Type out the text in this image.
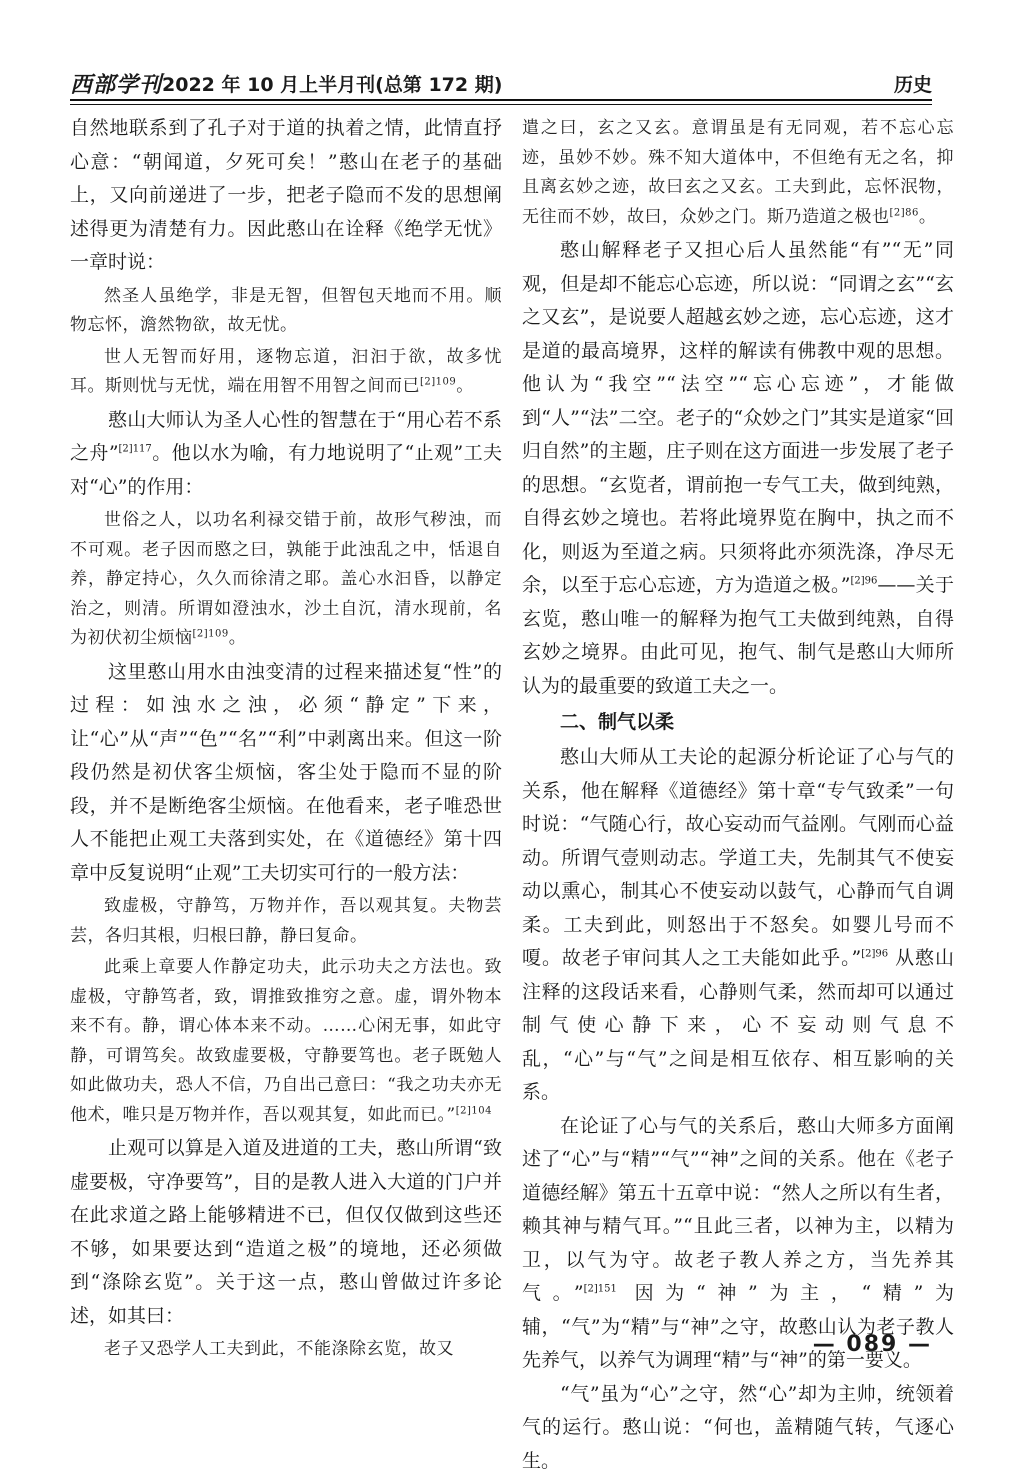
西部学刊 2022 年 10 月上半月刊(总第 172 期)	历史

自然地联系到了孔子对于道的执着之情，此情直抒心意：“朝闻道，夕死可矣！”憨山在老子的基础上，又向前递进了一步，把老子隐而不发的思想阐述得更为清楚有力。因此憨山在诠释《绝学无忧》一章时说：

然圣人虽绝学，非是无智，但智包天地而不用。顺物忘怀，澹然物欲，故无忧。

世人无智而好用，逐物忘道，汩汩于欲，故多忧耳。斯则忧与无忧，端在用智不用智之间而已$^{[2]109}$。

憨山大师认为圣人心性的智慧在于“用心若不系之舟”$^{[2]117}$。他以水为喻，有力地说明了“止观”工夫对“心”的作用：

世俗之人，以功名利禄交错于前，故形气秽浊，而不可观。老子因而愍之曰，孰能于此浊乱之中，恬退自养，静定持心，久久而徐清之耶。盖心水汩昏，以静定治之，则清。所谓如澄浊水，沙土自沉，清水现前，名为初伏初尘烦恼$^{[2]109}$。

这里憨山用水由浊变清的过程来描述复“性”的过程：如浊水之浊，必须“静定”下来，让“心”从“声”“色”“名”“利”中剥离出来。但这一阶段仍然是初伏客尘烦恼，客尘处于隐而不显的阶段，并不是断绝客尘烦恼。在他看来，老子唯恐世人不能把止观工夫落到实处，在《道德经》第十四章中反复说明“止观”工夫切实可行的一般方法：

致虚极，守静笃，万物并作，吾以观其复。夫物芸芸，各归其根，归根曰静，静曰复命。

此乘上章要人作静定功夫，此示功夫之方法也。致虚极，守静笃者，致，谓推致推穷之意。虚，谓外物本来不有。静，谓心体本来不动。……心闲无事，如此守静，可谓笃矣。故致虚要极，守静要笃也。老子既勉人如此做功夫，恐人不信，乃自出己意曰：“我之功夫亦无他术，唯只是万物并作，吾以观其复，如此而已。”$^{[2]104}$

止观可以算是入道及进道的工夫，憨山所谓“致虚要极，守净要笃”，目的是教人进入大道的门户并在此求道之路上能够精进不已，但仅仅做到这些还不够，如果要达到“造道之极”的境地，还必须做到“涤除玄览”。关于这一点，憨山曾做过许多论述，如其曰：

老子又恐学人工夫到此，不能涤除玄览，故又

遣之曰，玄之又玄。意谓虽是有无同观，若不忘心忘迹，虽妙不妙。殊不知大道体中，不但绝有无之名，抑且离玄妙之迹，故曰玄之又玄。工夫到此，忘怀泯物，无往而不妙，故曰，众妙之门。斯乃造道之极也$^{[2]86}$。

憨山解释老子又担心后人虽然能“有”“无”同观，但是却不能忘心忘迹，所以说：“同谓之玄”“玄之又玄”，是说要人超越玄妙之迹，忘心忘迹，这才是道的最高境界，这样的解读有佛教中观的思想。他认为“我空”“法空”“忘心忘迹”，才能做到“人”“法”二空。老子的“众妙之门”其实是道家“回归自然”的主题，庄子则在这方面进一步发展了老子的思想。“玄览者，谓前抱一专气工夫，做到纯熟，自得玄妙之境也。若将此境界览在胸中，执之而不化，则返为至道之病。只须将此亦须洗涤，净尽无余，以至于忘心忘迹，方为造道之极。”$^{[2]96}$——关于玄览，憨山唯一的解释为抱气工夫做到纯熟，自得玄妙之境界。由此可见，抱气、制气是憨山大师所认为的最重要的致道工夫之一。

二、制气以柔

憨山大师从工夫论的起源分析论证了心与气的关系，他在解释《道德经》第十章“专气致柔”一句时说：“气随心行，故心妄动而气益刚。气刚而心益动。所谓气壹则动志。学道工夫，先制其气不使妄动以熏心，制其心不使妄动以鼓气，心静而气自调柔。工夫到此，则怒出于不怒矣。如婴儿号而不嗄。故老子审问其人之工夫能如此乎。”$^{[2]96}$ 从憨山注释的这段话来看，心静则气柔，然而却可以通过制气使心静下来，心不妄动则气息不乱，“心”与“气”之间是相互依存、相互影响的关系。

在论证了心与气的关系后，憨山大师多方面阐述了“心”与“精”“气”“神”之间的关系。他在《老子道德经解》第五十五章中说：“然人之所以有生者，赖其神与精气耳。”“且此三者，以神为主，以精为卫，以气为守。故老子教人养之方，当先养其气。”$^{[2]151}$ 因为“神”为主，“精”为辅，“气”为“精”与“神”之守，故憨山认为老子教人先养气，以养气为调理“精”与“神”的第一要义。

“气”虽为“心”之守，然“心”却为主帅，统领着气的运行。憨山说：“何也，盖精随气转，气逐心生。

— 089 —
